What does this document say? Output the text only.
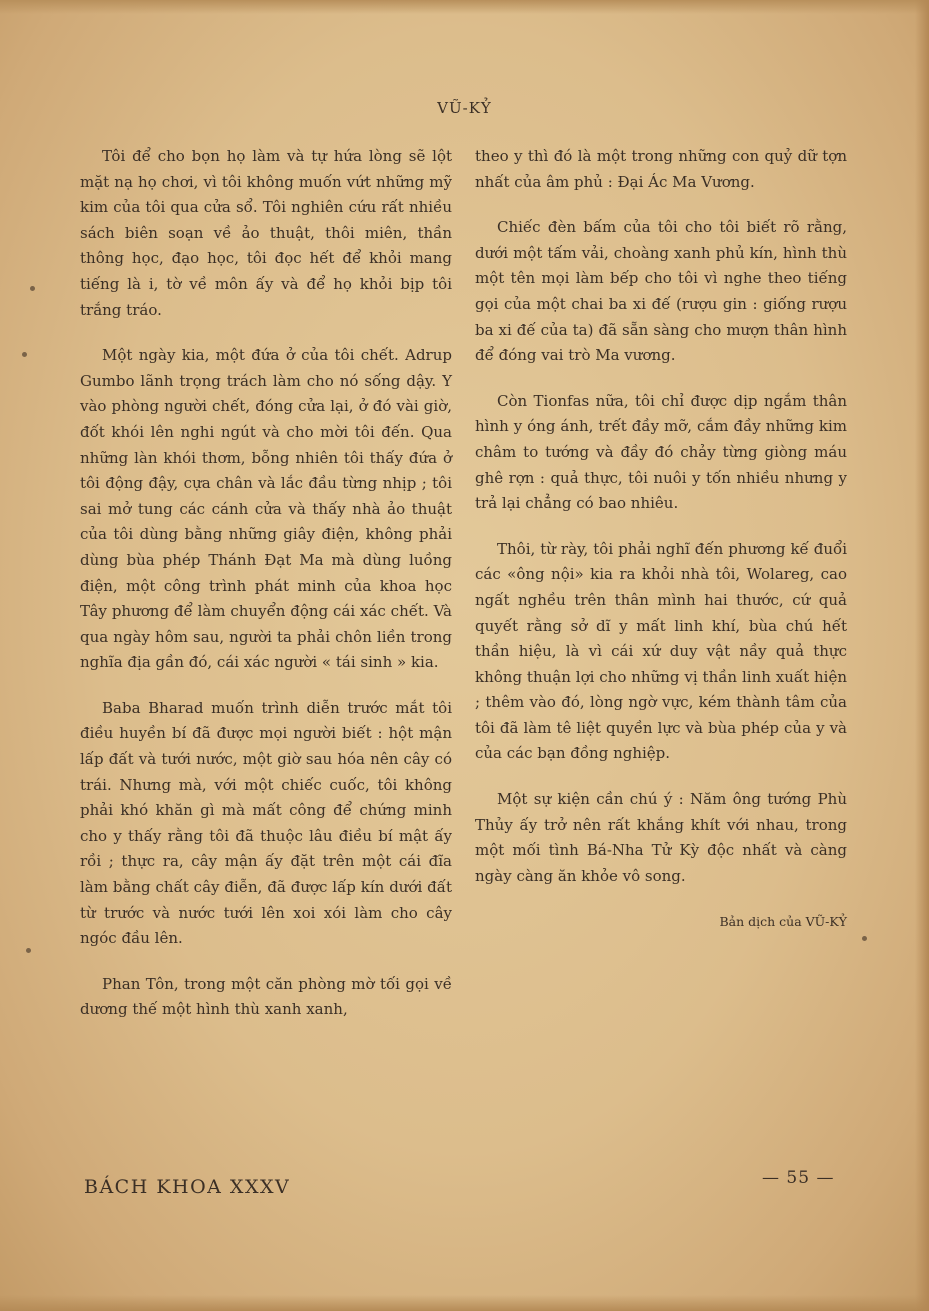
VŨ-KỶ

Tôi để cho bọn họ làm và tự hứa lòng sẽ lột mặt nạ họ chơi, vì tôi không muốn vứt những mỹ kim của tôi qua cửa sổ. Tôi nghiên cứu rất nhiều sách biên soạn về ảo thuật, thôi miên, thần thông học, đạo học, tôi đọc hết để khỏi mang tiếng là i, tờ về môn ấy và để họ khỏi bịp tôi trắng tráo.

Một ngày kia, một đứa ở của tôi chết. Adrup Gumbo lãnh trọng trách làm cho nó sống dậy. Y vào phòng người chết, đóng cửa lại, ở đó vài giờ, đốt khói lên nghi ngút và cho mời tôi đến. Qua những làn khói thơm, bỗng nhiên tôi thấy đứa ở tôi động đậy, cựa chân và lắc đầu từng nhịp ; tôi sai mở tung các cánh cửa và thấy nhà ảo thuật của tôi dùng bằng những giây điện, không phải dùng bùa phép Thánh Đạt Ma mà dùng luồng điện, một công trình phát minh của khoa học Tây phương để làm chuyển động cái xác chết. Và qua ngày hôm sau, người ta phải chôn liền trong nghĩa địa gần đó, cái xác người « tái sinh » kia.

Baba Bharad muốn trình diễn trước mắt tôi điều huyền bí đã được mọi người biết : hột mận lấp đất và tưới nước, một giờ sau hóa nên cây có trái. Nhưng mà, với một chiếc cuốc, tôi không phải khó khăn gì mà mất công để chứng minh cho y thấy rằng tôi đã thuộc lâu điều bí mật ấy rồi ; thực ra, cây mận ấy đặt trên một cái đĩa làm bằng chất cây điễn, đã được lấp kín dưới đất từ trước và nước tưới lên xoi xói làm cho cây ngóc đầu lên.

Phan Tôn, trong một căn phòng mờ tối gọi về dương thế một hình thù xanh xanh,

theo y thì đó là một trong những con quỷ dữ tợn nhất của âm phủ : Đại Ác Ma Vương.

Chiếc đèn bấm của tôi cho tôi biết rõ rằng, dưới một tấm vải, choàng xanh phủ kín, hình thù một tên mọi làm bếp cho tôi vì nghe theo tiếng gọi của một chai ba xi đế (rượu gin : giống rượu ba xi đế của ta) đã sẵn sàng cho mượn thân hình để đóng vai trò Ma vương.

Còn Tionfas nữa, tôi chỉ được dịp ngắm thân hình y óng ánh, trết đầy mỡ, cắm đầy những kim châm to tướng và đầy đó chảy từng giòng máu ghê rợn : quả thực, tôi nuôi y tốn nhiều nhưng y trả lại chẳng có bao nhiêu.

Thôi, từ rày, tôi phải nghĩ đến phương kế đuổi các «ông nội» kia ra khỏi nhà tôi, Wolareg, cao ngất nghều trên thân mình hai thước, cứ quả quyết rằng sở dĩ y mất linh khí, bùa chú hết thần hiệu, là vì cái xứ duy vật nầy quả thực không thuận lợi cho những vị thần linh xuất hiện ; thêm vào đó, lòng ngờ vực, kém thành tâm của tôi đã làm tê liệt quyền lực và bùa phép của y và của các bạn đồng nghiệp.

Một sự kiện cần chú ý : Năm ông tướng Phù Thủy ấy trở nên rất khắng khít với nhau, trong một mối tình Bá-Nha Tử Kỳ độc nhất và càng ngày càng ăn khỏe vô song.

Bản dịch của VŨ-KỶ

BÁCH KHOA XXXV	— 55 —
